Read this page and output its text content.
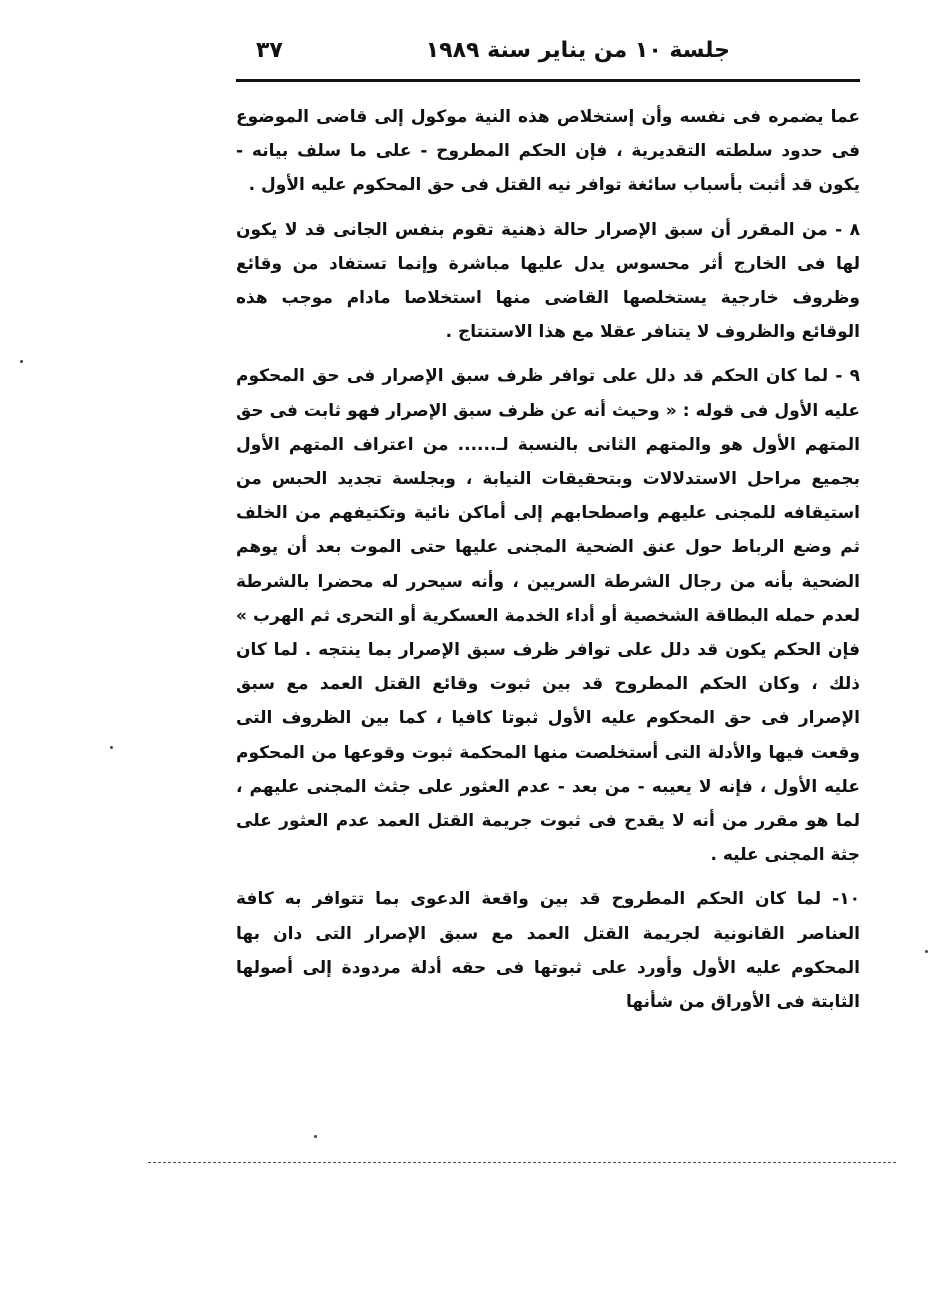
جلسة ١٠ من يناير سنة ١٩٨٩
٣٧

عما يضمره فى نفسه وأن إستخلاص هذه النية موكول إلى قاضى الموضوع فى حدود سلطته التقديرية ، فإن الحكم المطروح - على ما سلف بيانه - يكون قد أثبت بأسباب سائغة توافر نيه القتل فى حق المحكوم عليه الأول .

٨ - من المقرر أن سبق الإصرار حالة ذهنية تقوم بنفس الجانى قد لا يكون لها فى الخارج أثر محسوس يدل عليها مباشرة وإنما تستفاد من وقائع وظروف خارجية يستخلصها القاضى منها استخلاصا مادام موجب هذه الوقائع والظروف لا يتنافر عقلا مع هذا الاستنتاج .

٩ - لما كان الحكم قد دلل على توافر ظرف سبق الإصرار فى حق المحكوم عليه الأول فى قوله : « وحيث أنه عن ظرف سبق الإصرار فهو ثابت فى حق المتهم الأول هو والمتهم الثانى بالنسبة لـ...... من اعتراف المتهم الأول بجميع مراحل الاستدلالات وبتحقيقات النيابة ، وبجلسة تجديد الحبس من استيقافه للمجنى عليهم واصطحابهم إلى أماكن نائية وتكتيفهم من الخلف ثم وضع الرباط حول عنق الضحية المجنى عليها حتى الموت بعد أن يوهم الضحية بأنه من رجال الشرطة السريين ، وأنه سيحرر له محضرا بالشرطة لعدم حمله البطاقة الشخصية أو أداء الخدمة العسكرية أو التحرى ثم الهرب » فإن الحكم يكون قد دلل على توافر ظرف سبق الإصرار بما ينتجه . لما كان ذلك ، وكان الحكم المطروح قد بين ثبوت وقائع القتل العمد مع سبق الإصرار فى حق المحكوم عليه الأول ثبوتا كافيا ، كما بين الظروف التى وقعت فيها والأدلة التى أستخلصت منها المحكمة ثبوت وقوعها من المحكوم عليه الأول ، فإنه لا يعيبه - من بعد - عدم العثور على جثث المجنى عليهم ، لما هو مقرر من أنه لا يقدح فى ثبوت جريمة القتل العمد عدم العثور على جثة المجنى عليه .

١٠- لما كان الحكم المطروح قد بين واقعة الدعوى بما تتوافر به كافة العناصر القانونية لجريمة القتل العمد مع سبق الإصرار التى دان بها المحكوم عليه الأول وأورد على ثبوتها فى حقه أدلة مردودة إلى أصولها الثابتة فى الأوراق من شأنها
